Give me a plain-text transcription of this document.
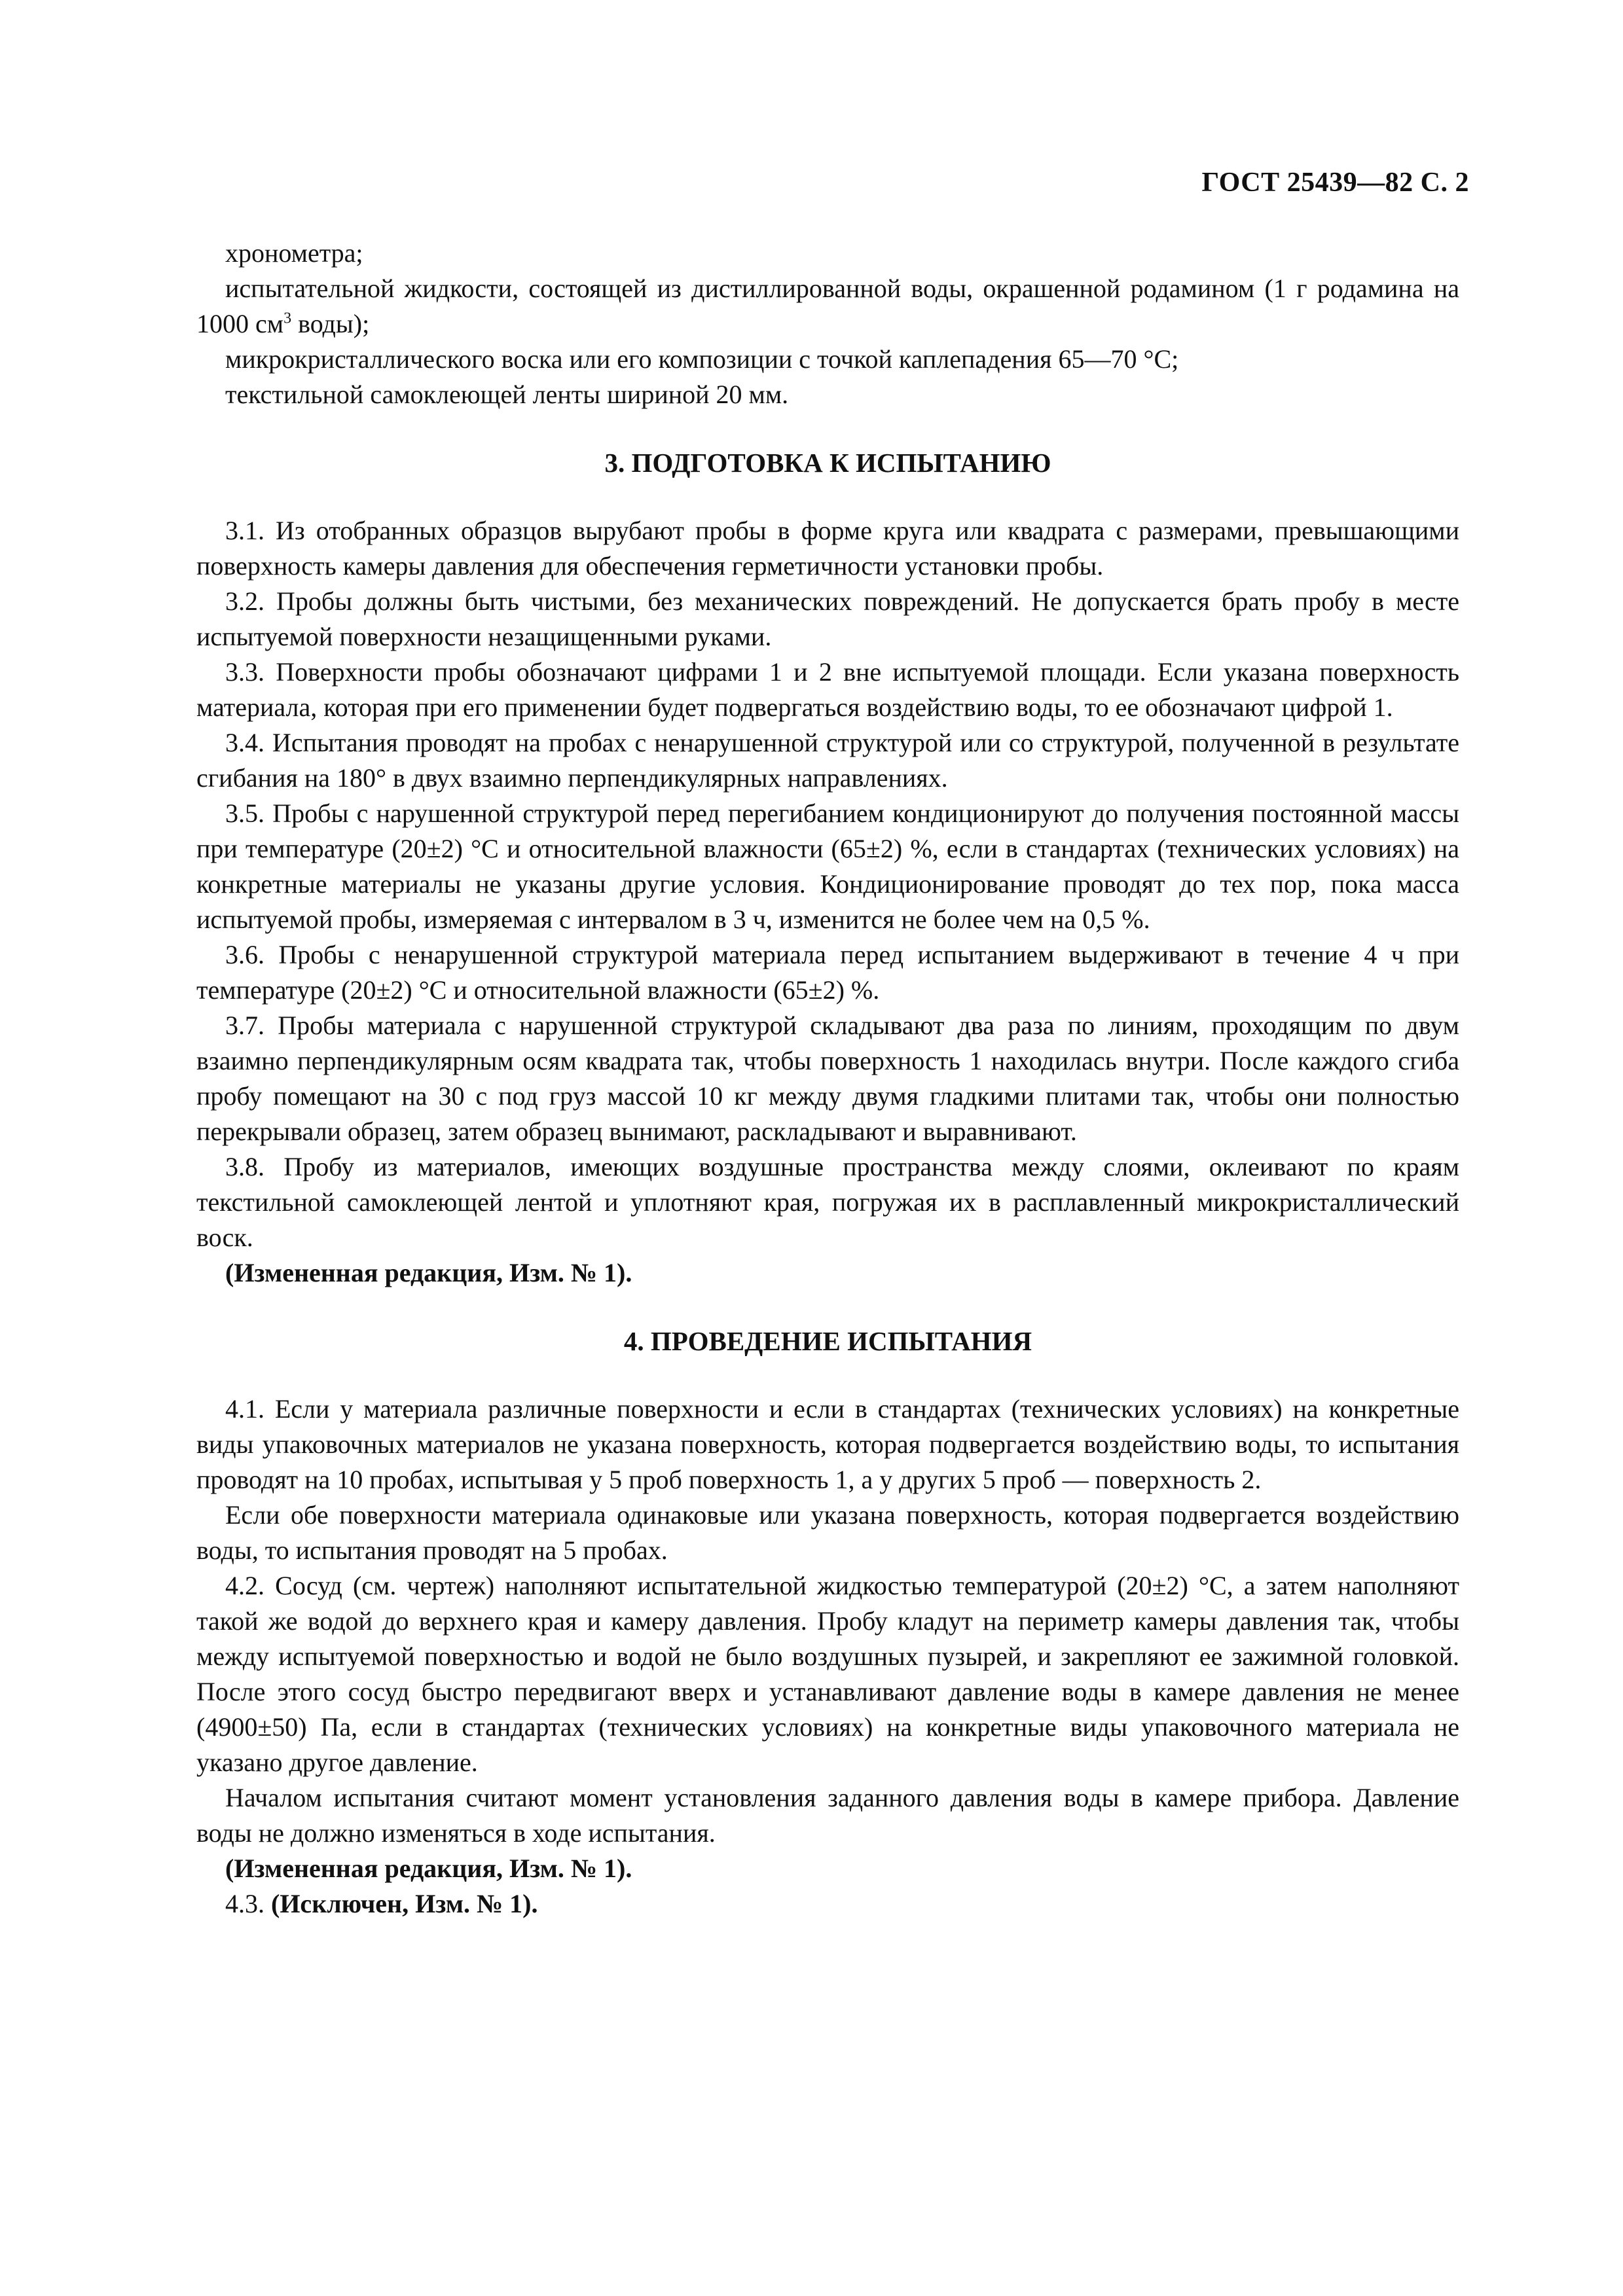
ГОСТ 25439—82 С. 2

хронометра;

испытательной жидкости, состоящей из дистиллированной воды, окрашенной родамином (1 г родамина на 1000 $см^3$ воды);

микрокристаллического воска или его композиции с точкой каплепадения 65—70 °С;

текстильной самоклеющей ленты шириной 20 мм.

3. ПОДГОТОВКА К ИСПЫТАНИЮ

3.1. Из отобранных образцов вырубают пробы в форме круга или квадрата с размерами, превышающими поверхность камеры давления для обеспечения герметичности установки пробы.

3.2. Пробы должны быть чистыми, без механических повреждений. Не допускается брать пробу в месте испытуемой поверхности незащищенными руками.

3.3. Поверхности пробы обозначают цифрами 1 и 2 вне испытуемой площади. Если указана поверхность материала, которая при его применении будет подвергаться воздействию воды, то ее обозначают цифрой 1.

3.4. Испытания проводят на пробах с ненарушенной структурой или со структурой, полученной в результате сгибания на 180° в двух взаимно перпендикулярных направлениях.

3.5. Пробы с нарушенной структурой перед перегибанием кондиционируют до получения постоянной массы при температуре (20±2) °С и относительной влажности (65±2) %, если в стандартах (технических условиях) на конкретные материалы не указаны другие условия. Кондиционирование проводят до тех пор, пока масса испытуемой пробы, измеряемая с интервалом в 3 ч, изменится не более чем на 0,5 %.

3.6. Пробы с ненарушенной структурой материала перед испытанием выдерживают в течение 4 ч при температуре (20±2) °С и относительной влажности (65±2) %.

3.7. Пробы материала с нарушенной структурой складывают два раза по линиям, проходящим по двум взаимно перпендикулярным осям квадрата так, чтобы поверхность 1 находилась внутри. После каждого сгиба пробу помещают на 30 с под груз массой 10 кг между двумя гладкими плитами так, чтобы они полностью перекрывали образец, затем образец вынимают, раскладывают и выравнивают.

3.8. Пробу из материалов, имеющих воздушные пространства между слоями, оклеивают по краям текстильной самоклеющей лентой и уплотняют края, погружая их в расплавленный микрокристаллический воск.

(Измененная редакция, Изм. № 1).

4. ПРОВЕДЕНИЕ ИСПЫТАНИЯ

4.1. Если у материала различные поверхности и если в стандартах (технических условиях) на конкретные виды упаковочных материалов не указана поверхность, которая подвергается воздействию воды, то испытания проводят на 10 пробах, испытывая у 5 проб поверхность 1, а у других 5 проб — поверхность 2.

Если обе поверхности материала одинаковые или указана поверхность, которая подвергается воздействию воды, то испытания проводят на 5 пробах.

4.2. Сосуд (см. чертеж) наполняют испытательной жидкостью температурой (20±2) °С, а затем наполняют такой же водой до верхнего края и камеру давления. Пробу кладут на периметр камеры давления так, чтобы между испытуемой поверхностью и водой не было воздушных пузырей, и закрепляют ее зажимной головкой. После этого сосуд быстро передвигают вверх и устанавливают давление воды в камере давления не менее (4900±50) Па, если в стандартах (технических условиях) на конкретные виды упаковочного материала не указано другое давление.

Началом испытания считают момент установления заданного давления воды в камере прибора. Давление воды не должно изменяться в ходе испытания.

(Измененная редакция, Изм. № 1).

4.3. (Исключен, Изм. № 1).
